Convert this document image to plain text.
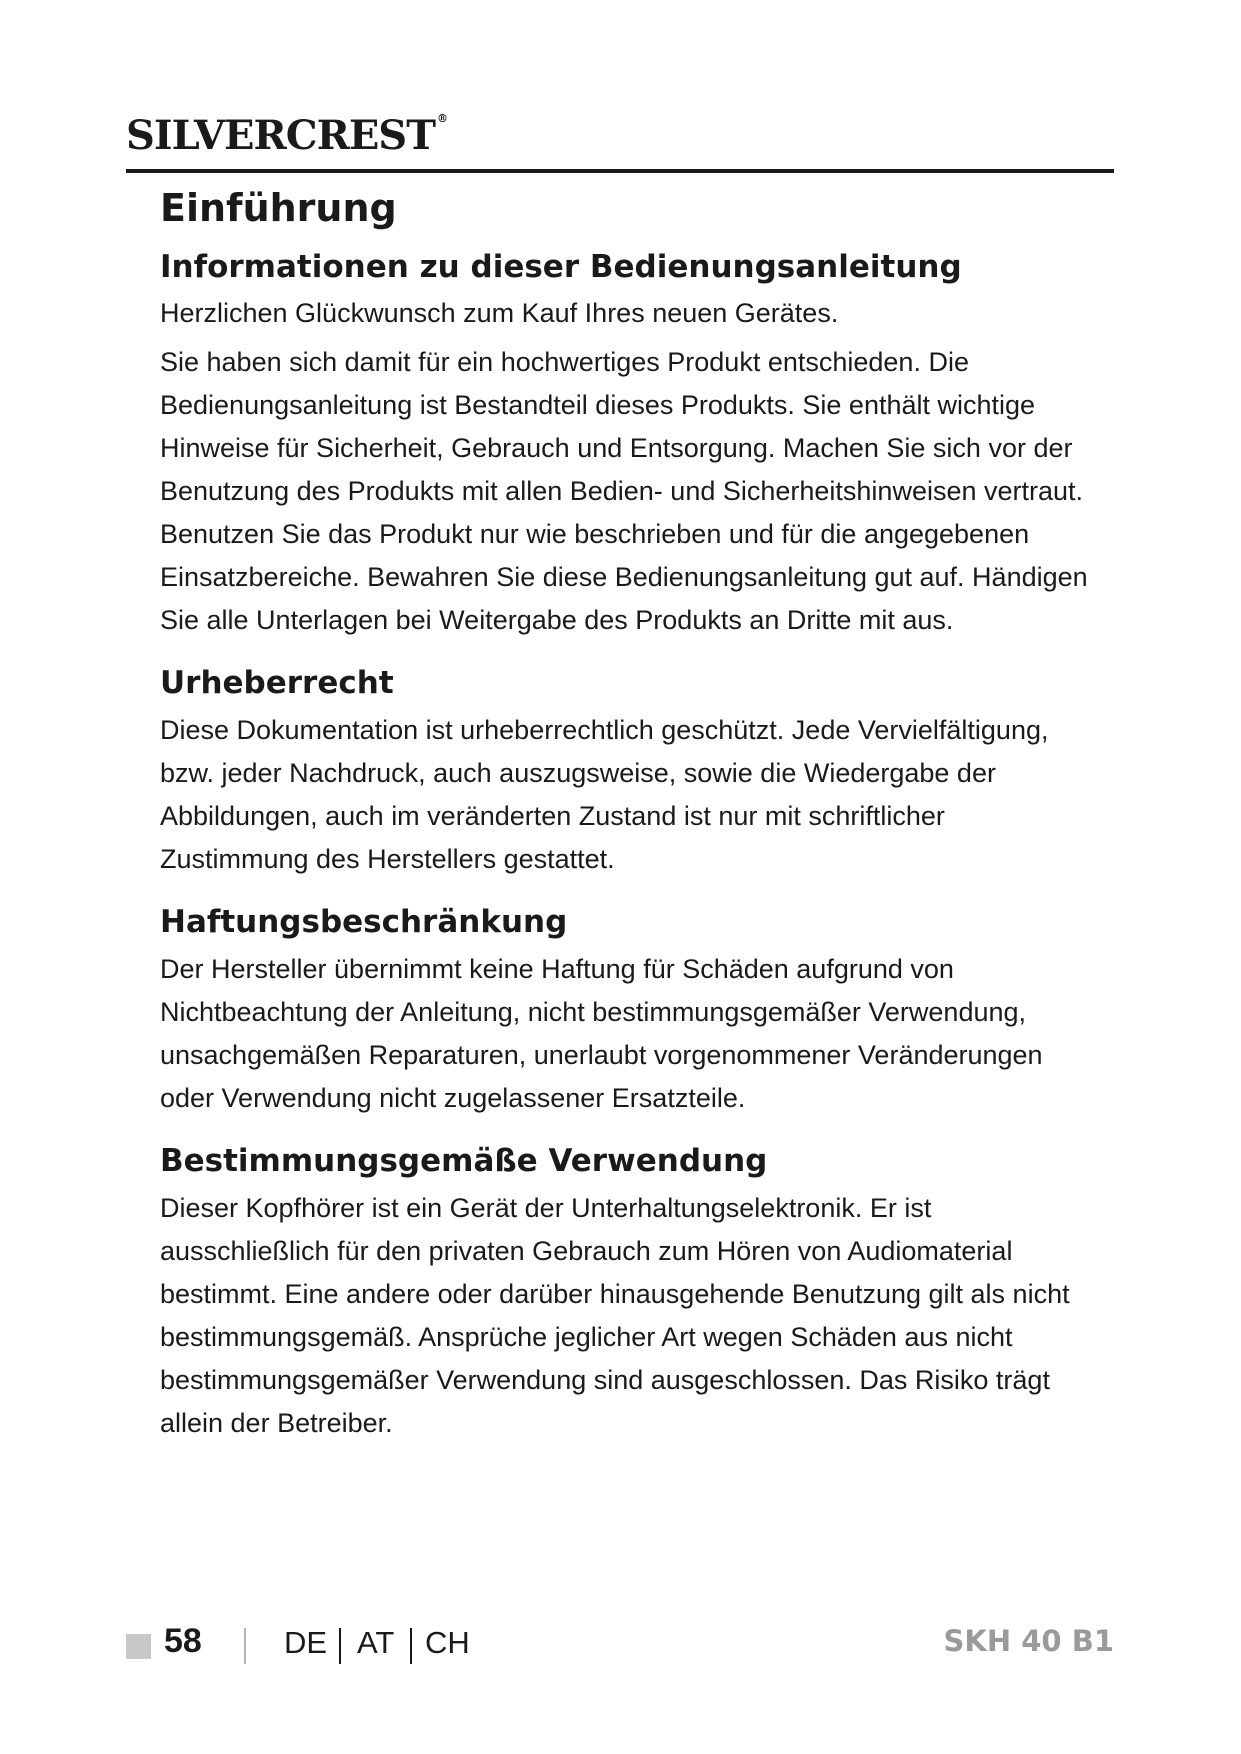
SILVERCREST ®
Einführung
Informationen zu dieser Bedienungsanleitung

Herzlichen Glückwunsch zum Kauf Ihres neuen Gerätes.

Sie haben sich damit für ein hochwertiges Produkt entschieden. Die Bedienungsanleitung ist Bestandteil dieses Produkts. Sie enthält wichtige Hinweise für Sicherheit, Gebrauch und Entsorgung. Machen Sie sich vor der Benutzung des Produkts mit allen Bedien- und Sicherheitshinweisen vertraut. Benutzen Sie das Produkt nur wie beschrieben und für die angegebenen Einsatzbereiche. Bewahren Sie diese Bedienungsanleitung gut auf. Händigen Sie alle Unterlagen bei Weitergabe des Produkts an Dritte mit aus.

Urheberrecht

Diese Dokumentation ist urheberrechtlich geschützt. Jede Vervielfältigung, bzw. jeder Nachdruck, auch auszugsweise, sowie die Wiedergabe der Abbildungen, auch im veränderten Zustand ist nur mit schriftlicher Zustimmung des Herstellers gestattet.

Haftungsbeschränkung

Der Hersteller übernimmt keine Haftung für Schäden aufgrund von Nichtbeachtung der Anleitung, nicht bestimmungsgemäßer Verwendung, unsachgemäßen Reparaturen, unerlaubt vorgenommener Veränderungen oder Verwendung nicht zugelassener Ersatzteile.

Bestimmungsgemäße Verwendung

Dieser Kopfhörer ist ein Gerät der Unterhaltungselektronik. Er ist ausschließlich für den privaten Gebrauch zum Hören von Audiomaterial bestimmt. Eine andere oder darüber hinausgehende Benutzung gilt als nicht bestimmungsgemäß. Ansprüche jeglicher Art wegen Schäden aus nicht bestimmungsgemäßer Verwendung sind ausgeschlossen. Das Risiko trägt allein der Betreiber.

58	DE AT CH	SKH 40 B1
